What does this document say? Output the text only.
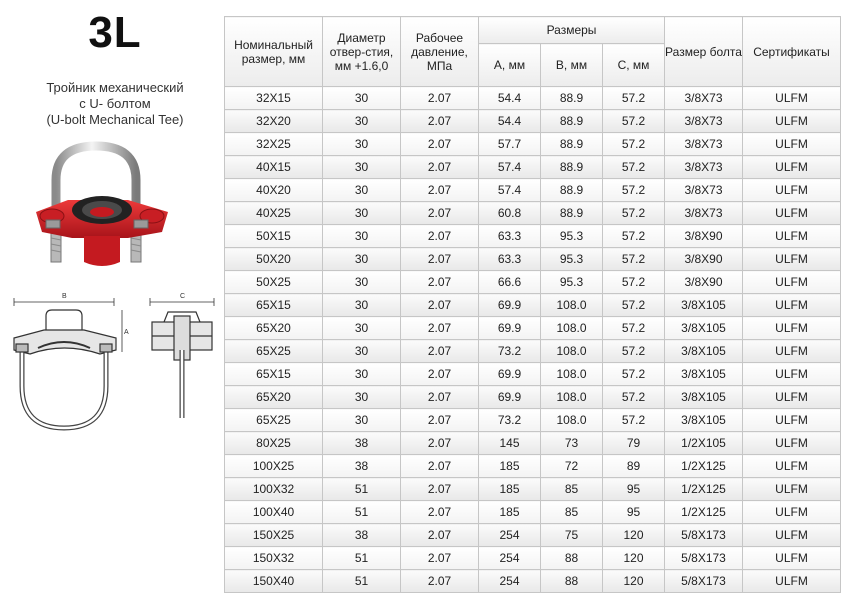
3L
Тройник механический
с U- болтом
(U-bolt Mechanical Tee)
B	C
A
Номинальный размер, мм	Диаметр отвер-стия, мм +1.6,0	Рабочее давление, МПа	Размеры			Размер болта	Сертификаты
			A, мм	B, мм	C, мм		
32X15	30	2.07	54.4	88.9	57.2	3/8X73	ULFM
32X20	30	2.07	54.4	88.9	57.2	3/8X73	ULFM
32X25	30	2.07	57.7	88.9	57.2	3/8X73	ULFM
40X15	30	2.07	57.4	88.9	57.2	3/8X73	ULFM
40X20	30	2.07	57.4	88.9	57.2	3/8X73	ULFM
40X25	30	2.07	60.8	88.9	57.2	3/8X73	ULFM
50X15	30	2.07	63.3	95.3	57.2	3/8X90	ULFM
50X20	30	2.07	63.3	95.3	57.2	3/8X90	ULFM
50X25	30	2.07	66.6	95.3	57.2	3/8X90	ULFM
65X15	30	2.07	69.9	108.0	57.2	3/8X105	ULFM
65X20	30	2.07	69.9	108.0	57.2	3/8X105	ULFM
65X25	30	2.07	73.2	108.0	57.2	3/8X105	ULFM
65X15	30	2.07	69.9	108.0	57.2	3/8X105	ULFM
65X20	30	2.07	69.9	108.0	57.2	3/8X105	ULFM
65X25	30	2.07	73.2	108.0	57.2	3/8X105	ULFM
80X25	38	2.07	145	73	79	1/2X105	ULFM
100X25	38	2.07	185	72	89	1/2X125	ULFM
100X32	51	2.07	185	85	95	1/2X125	ULFM
100X40	51	2.07	185	85	95	1/2X125	ULFM
150X25	38	2.07	254	75	120	5/8X173	ULFM
150X32	51	2.07	254	88	120	5/8X173	ULFM
150X40	51	2.07	254	88	120	5/8X173	ULFM
